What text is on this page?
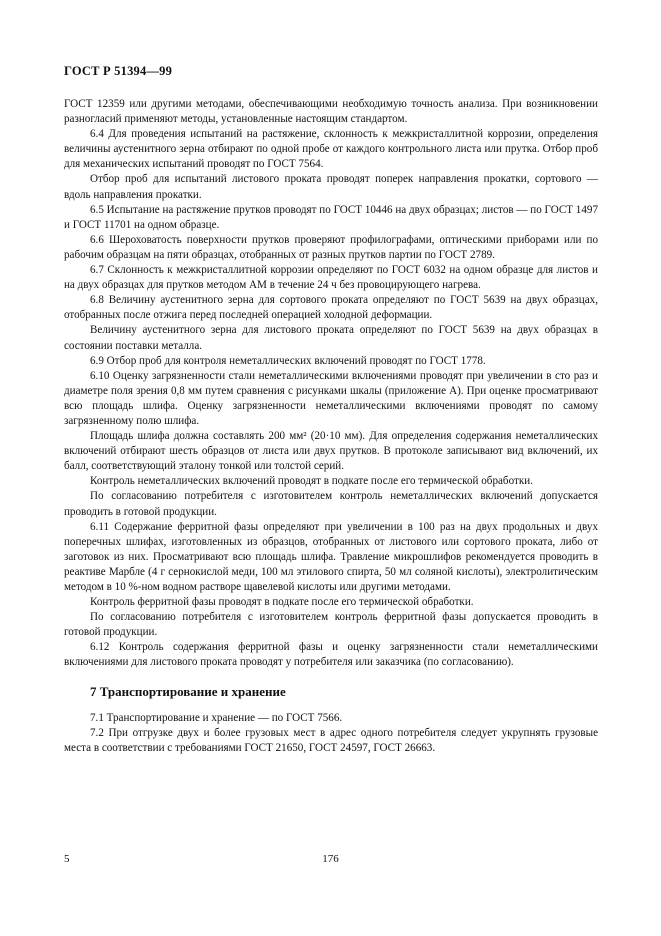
ГОСТ Р 51394—99

ГОСТ 12359 или другими методами, обеспечивающими необходимую точность анализа. При возникновении разногласий применяют методы, установленные настоящим стандартом.

6.4 Для проведения испытаний на растяжение, склонность к межкристаллитной коррозии, определения величины аустенитного зерна отбирают по одной пробе от каждого контрольного листа или прутка. Отбор проб для механических испытаний проводят по ГОСТ 7564.

Отбор проб для испытаний листового проката проводят поперек направления прокатки, сортового — вдоль направления прокатки.

6.5 Испытание на растяжение прутков проводят по ГОСТ 10446 на двух образцах; листов — по ГОСТ 1497 и ГОСТ 11701 на одном образце.

6.6 Шероховатость поверхности прутков проверяют профилографами, оптическими приборами или по рабочим образцам на пяти образцах, отобранных от разных прутков партии по ГОСТ 2789.

6.7 Склонность к межкристаллитной коррозии определяют по ГОСТ 6032 на одном образце для листов и на двух образцах для прутков методом АМ в течение 24 ч без провоцирующего нагрева.

6.8 Величину аустенитного зерна для сортового проката определяют по ГОСТ 5639 на двух образцах, отобранных после отжига перед последней операцией холодной деформации.

Величину аустенитного зерна для листового проката определяют по ГОСТ 5639 на двух образцах в состоянии поставки металла.

6.9 Отбор проб для контроля неметаллических включений проводят по ГОСТ 1778.

6.10 Оценку загрязненности стали неметаллическими включениями проводят при увеличении в сто раз и диаметре поля зрения 0,8 мм путем сравнения с рисунками шкалы (приложение А). При оценке просматривают всю площадь шлифа. Оценку загрязненности неметаллическими включениями проводят по самому загрязненному полю шлифа.

Площадь шлифа должна составлять 200 мм² (20·10 мм). Для определения содержания неметаллических включений отбирают шесть образцов от листа или двух прутков. В протоколе записывают вид включений, их балл, соответствующий эталону тонкой или толстой серий.

Контроль неметаллических включений проводят в подкате после его термической обработки.

По согласованию потребителя с изготовителем контроль неметаллических включений допускается проводить в готовой продукции.

6.11 Содержание ферритной фазы определяют при увеличении в 100 раз на двух продольных и двух поперечных шлифах, изготовленных из образцов, отобранных от листового или сортового проката, либо от заготовок из них. Просматривают всю площадь шлифа. Травление микрошлифов рекомендуется проводить в реактиве Марбле (4 г сернокислой меди, 100 мл этилового спирта, 50 мл соляной кислоты), электролитическим методом в 10 %-ном водном растворе щавелевой кислоты или другими методами.

Контроль ферритной фазы проводят в подкате после его термической обработки.

По согласованию потребителя с изготовителем контроль ферритной фазы допускается проводить в готовой продукции.

6.12 Контроль содержания ферритной фазы и оценку загрязненности стали неметаллическими включениями для листового проката проводят у потребителя или заказчика (по согласованию).

7 Транспортирование и хранение

7.1 Транспортирование и хранение — по ГОСТ 7566.

7.2 При отгрузке двух и более грузовых мест в адрес одного потребителя следует укрупнять грузовые места в соответствии с требованиями ГОСТ 21650, ГОСТ 24597, ГОСТ 26663.

5	176
